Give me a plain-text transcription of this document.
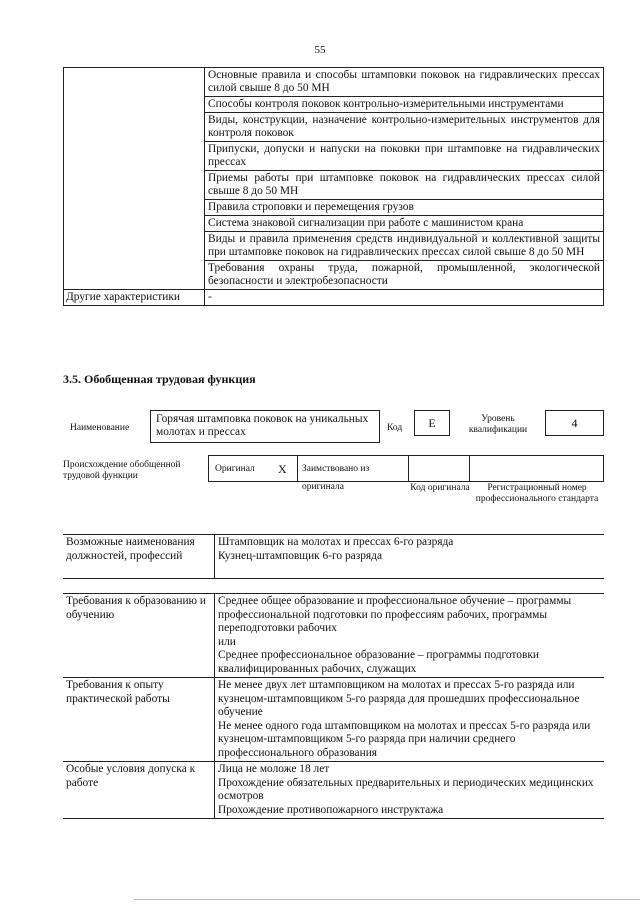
55
	Основные правила и способы штамповки поковок на гидравлических прессах силой свыше 8 до 50 МН
	Способы контроля поковок контрольно-измерительными инструментами
	Виды, конструкции, назначение контрольно-измерительных инструментов для контроля поковок
	Припуски, допуски и напуски на поковки при штамповке на гидравлических прессах
	Приемы работы при штамповке поковок на гидравлических прессах силой свыше 8 до 50 МН
	Правила строповки и перемещения грузов
	Система знаковой сигнализации при работе с машинистом крана
	Виды и правила применения средств индивидуальной и коллективной защиты при штамповке поковок на гидравлических прессах силой свыше 8 до 50 МН
	Требования охраны труда, пожарной, промышленной, экологической безопасности и электробезопасности
Другие характеристики	-
3.5. Обобщенная трудовая функция
Наименование
Горячая штамповка поковок на уникальных молотах и прессах	Код	E	Уровень квалификации	4
Происхождение обобщенной трудовой функции
Оригинал X	Заимствовано из оригинала	Код оригинала	Регистрационный номер профессионального стандарта
Возможные наименования должностей, профессий	Штамповщик на молотах и прессах 6-го разряда
Кузнец-штамповщик 6-го разряда
Требования к образованию и обучению	Среднее общее образование и профессиональное обучение – программы профессиональной подготовки по профессиям рабочих, программы переподготовки рабочих
или
Среднее профессиональное образование – программы подготовки квалифицированных рабочих, служащих
Требования к опыту практической работы	Не менее двух лет штамповщиком на молотах и прессах 5-го разряда или кузнецом-штамповщиком 5-го разряда для прошедших профессиональное обучение
Не менее одного года штамповщиком на молотах и прессах 5-го разряда или кузнецом-штамповщиком 5-го разряда при наличии среднего профессионального образования
Особые условия допуска к работе	Лица не моложе 18 лет
Прохождение обязательных предварительных и периодических медицинских осмотров
Прохождение противопожарного инструктажа
